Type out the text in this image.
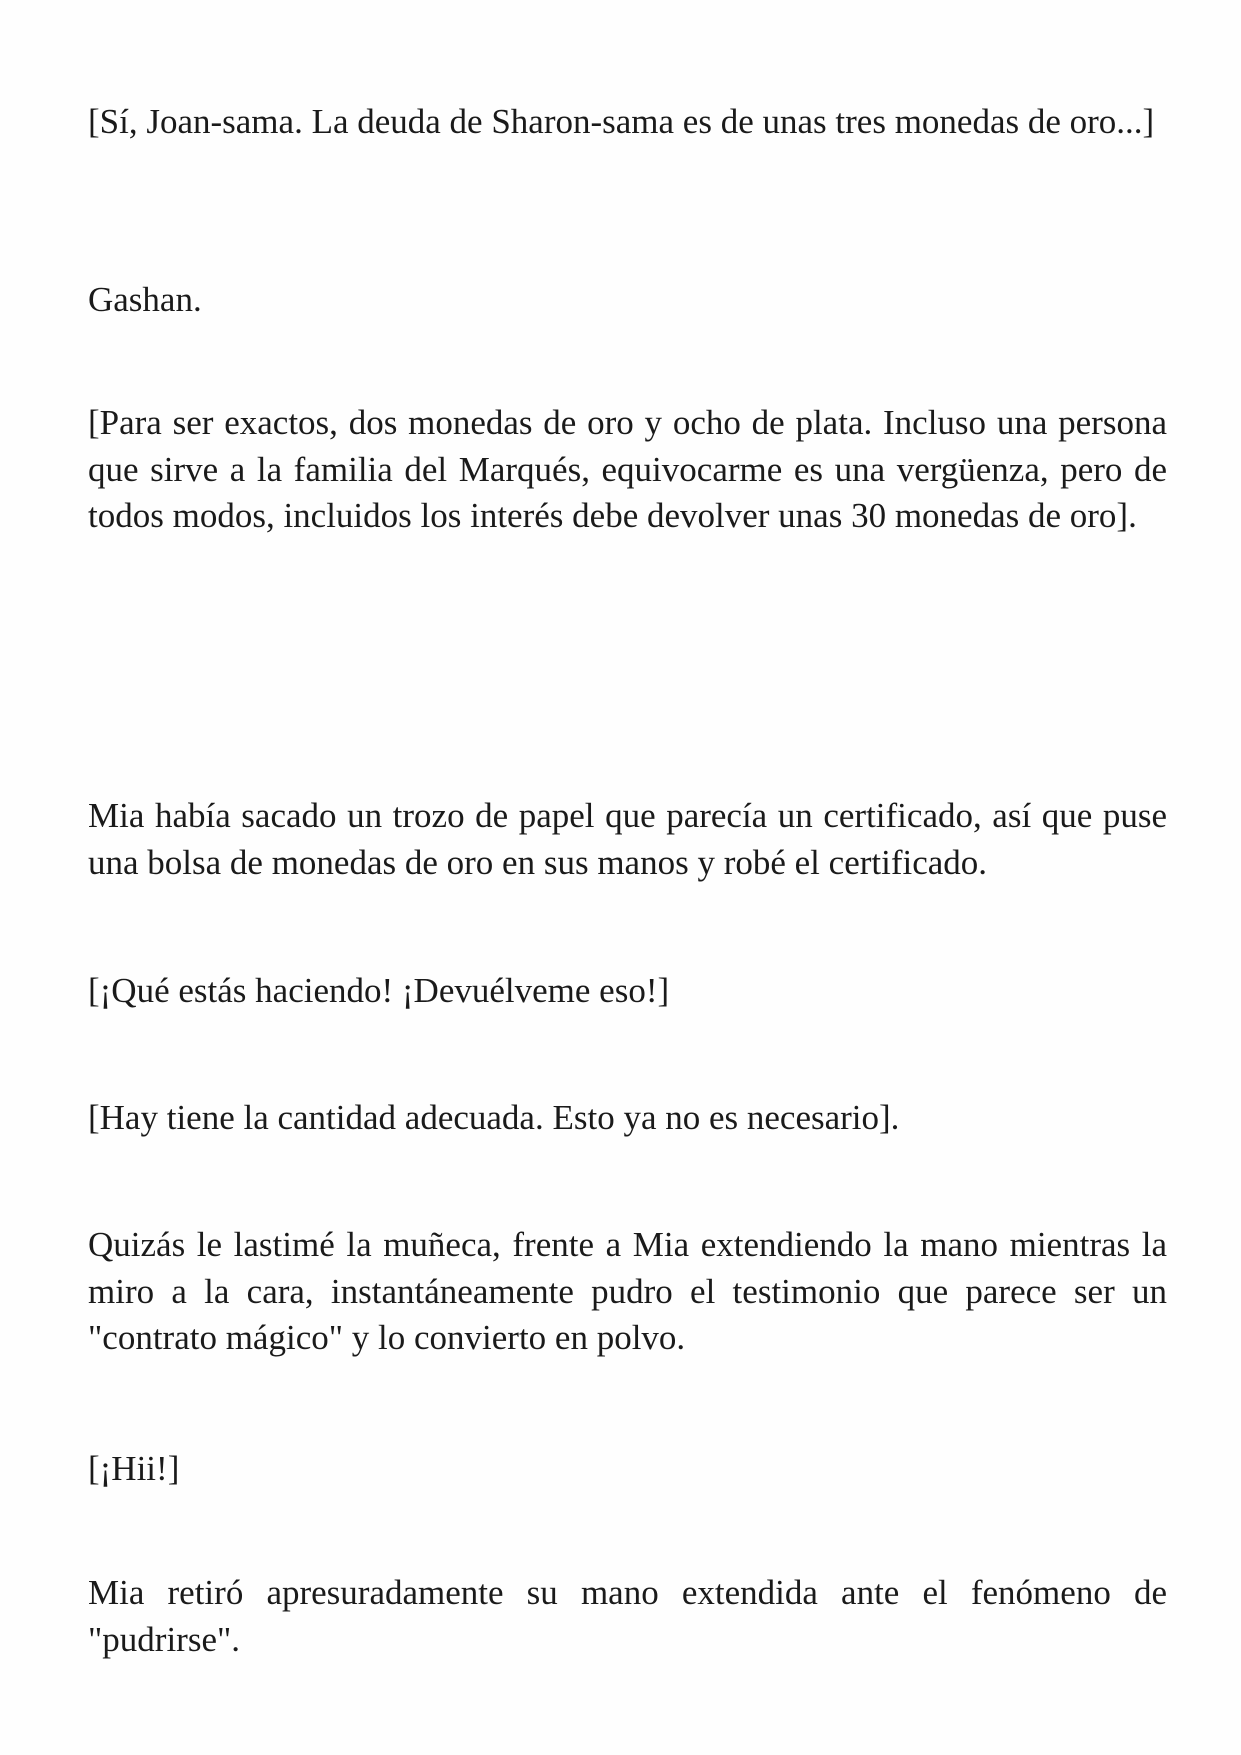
[Sí, Joan-sama. La deuda de Sharon-sama es de unas tres monedas de oro...]

Gashan.

[Para ser exactos, dos monedas de oro y ocho de plata. Incluso una persona que sirve a la familia del Marqués, equivocarme es una vergüenza, pero de todos modos, incluidos los interés debe devolver unas 30 monedas de oro].

Mia había sacado un trozo de papel que parecía un certificado, así que puse una bolsa de monedas de oro en sus manos y robé el certificado.

[¡Qué estás haciendo! ¡Devuélveme eso!]

[Hay tiene la cantidad adecuada. Esto ya no es necesario].

Quizás le lastimé la muñeca, frente a Mia extendiendo la mano mientras la miro a la cara, instantáneamente pudro el testimonio que parece ser un "contrato mágico" y lo convierto en polvo.

[¡Hii!]

Mia retiró apresuradamente su mano extendida ante el fenómeno de "pudrirse".
